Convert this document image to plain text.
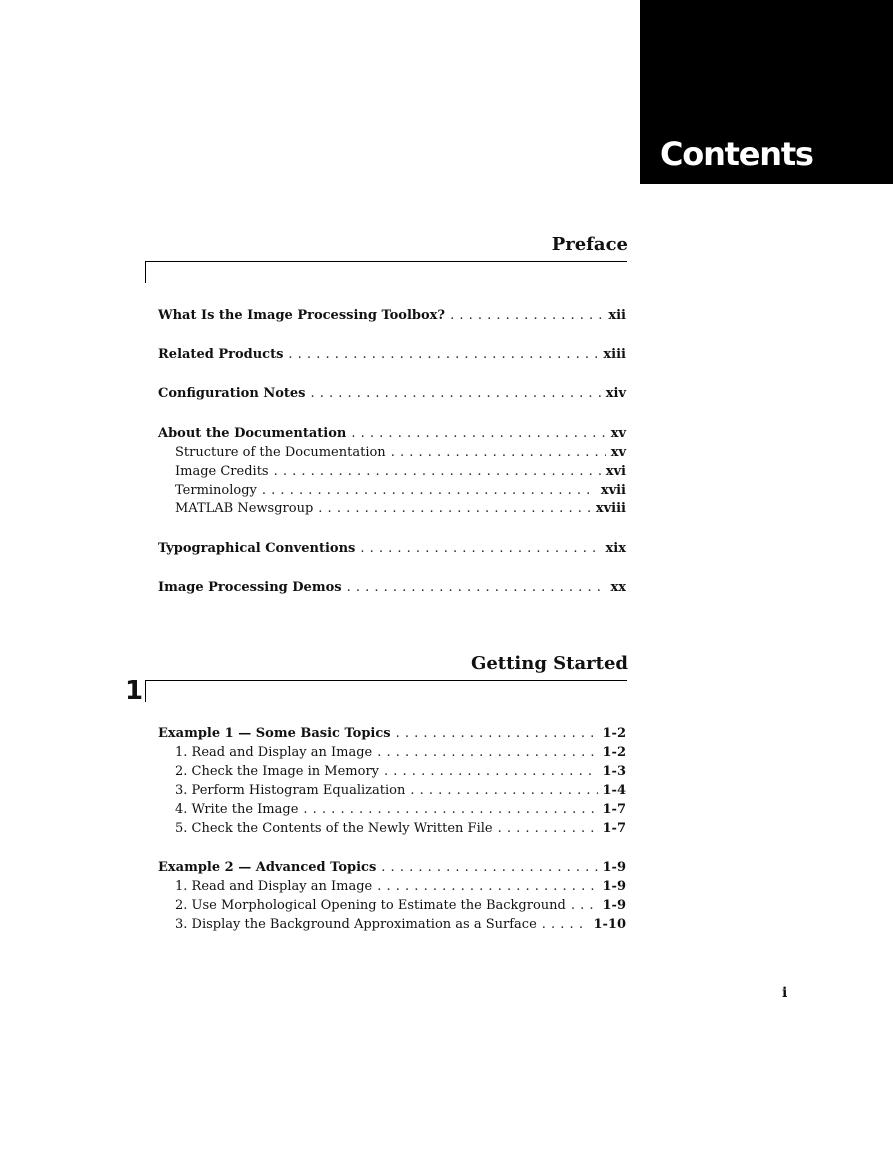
Contents
Preface
What Is the Image Processing Toolbox? . . .	xii
Related Products . . .	xiii
Configuration Notes . . .	xiv
About the Documentation . . .	xv
Structure of the Documentation . . .	xv
Image Credits . . .	xvi
Terminology . . .	xvii
MATLAB Newsgroup . . .	xviii
Typographical Conventions . . .	xix
Image Processing Demos . . .	xx
Getting Started
1
Example 1 — Some Basic Topics . . .	1-2
1. Read and Display an Image . . .	1-2
2. Check the Image in Memory . . .	1-3
3. Perform Histogram Equalization . . .	1-4
4. Write the Image . . .	1-7
5. Check the Contents of the Newly Written File . . .	1-7
Example 2 — Advanced Topics . . .	1-9
1. Read and Display an Image . . .	1-9
2. Use Morphological Opening to Estimate the Background . . .	1-9
3. Display the Background Approximation as a Surface . . .	1-10
i
